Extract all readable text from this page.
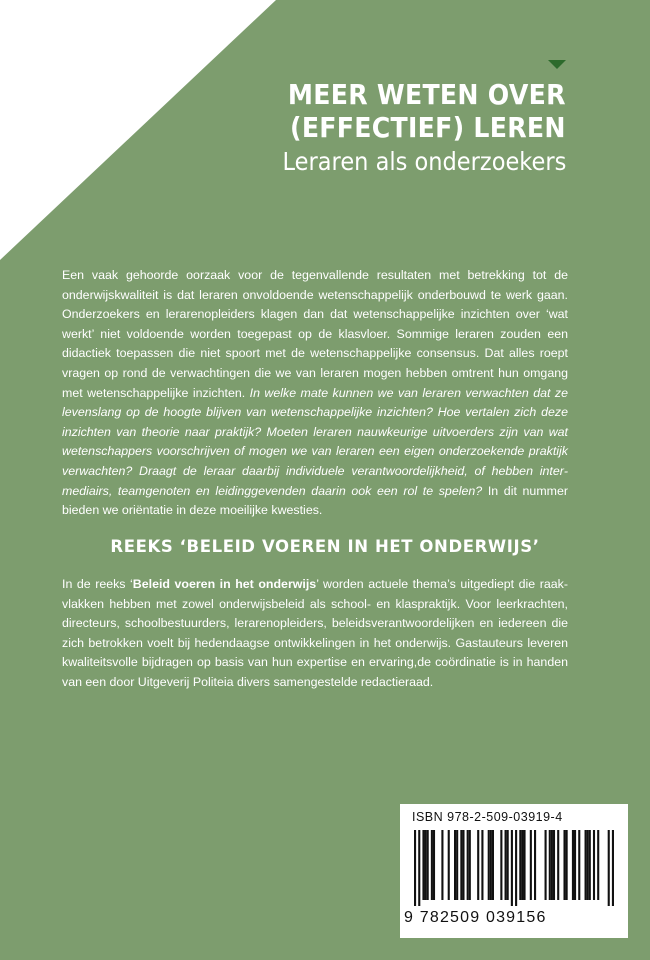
MEER WETEN OVER
(EFFECTIEF) LEREN

Leraren als onderzoekers

Een vaak gehoorde oorzaak voor de tegenvallende resultaten met betrekking tot de onderwijskwaliteit is dat leraren onvoldoende wetenschappelijk onderbouwd te werk gaan. Onderzoekers en lerarenopleiders klagen dan dat wetenschappelijke inzichten over ‘wat werkt’ niet voldoende worden toegepast op de klasvloer. Sommige leraren zouden een didactiek toepassen die niet spoort met de wetenschappelijke consensus. Dat alles roept vragen op rond de verwachtingen die we van leraren mogen hebben omtrent hun omgang met wetenschappelijke inzichten. In welke mate kunnen we van leraren verwachten dat ze levenslang op de hoogte blijven van wetenschappelijke inzichten? Hoe vertalen zich deze inzichten van theorie naar praktijk? Moeten leraren nauwkeurige uitvoerders zijn van wat wetenschappers voorschrijven of mogen we van leraren een eigen onderzoekende praktijk verwachten? Draagt de leraar daarbij individuele verantwoordelijkheid, of hebben intermediairs, teamgenoten en leidinggevenden daarin ook een rol te spelen? In dit nummer bieden we oriëntatie in deze moeilijke kwesties.

REEKS ‘BELEID VOEREN IN HET ONDERWIJS’

In de reeks ‘Beleid voeren in het onderwijs’ worden actuele thema’s uitgediept die raakvlakken hebben met zowel onderwijsbeleid als school- en klaspraktijk. Voor leerkrachten, directeurs, schoolbestuurders, lerarenopleiders, beleidsverantwoordelijken en iedereen die zich betrokken voelt bij hedendaagse ontwikkelingen in het onderwijs. Gastauteurs leveren kwaliteitsvolle bijdragen op basis van hun expertise en ervaring,de coördinatie is in handen van een door Uitgeverij Politeia divers samengestelde redactieraad.

ISBN 978-2-509-03919-4

9 782509 039156
